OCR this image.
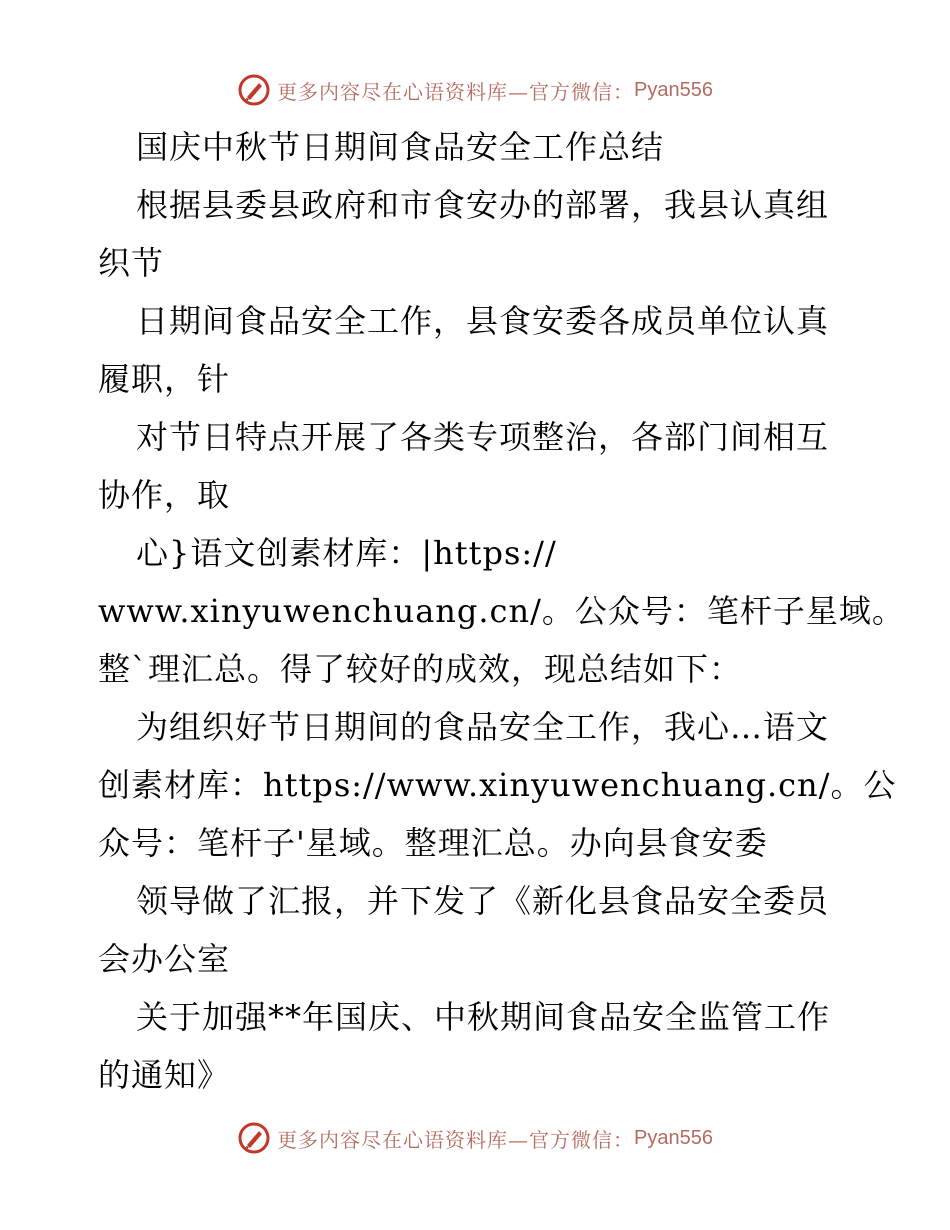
更多内容尽在心语资料库—官方微信： Pyan556
国庆中秋节日期间食品安全工作总结
根据县委县政府和市食安办的部署，我县认真组
织节
日期间食品安全工作，县食安委各成员单位认真
履职，针
对节日特点开展了各类专项整治，各部门间相互
协作，取
心}语文创素材库：|https://
www.xinyuwenchuang.cn/。公众号：笔杆子星域。
整`理汇总。得了较好的成效，现总结如下：
为组织好节日期间的食品安全工作，我心…语文
创素材库：https://www.xinyuwenchuang.cn/。公
众号：笔杆子'星域。整理汇总。办向县食安委
领导做了汇报，并下发了《新化县食品安全委员
会办公室
关于加强**年国庆、中秋期间食品安全监管工作
的通知》
更多内容尽在心语资料库—官方微信： Pyan556
